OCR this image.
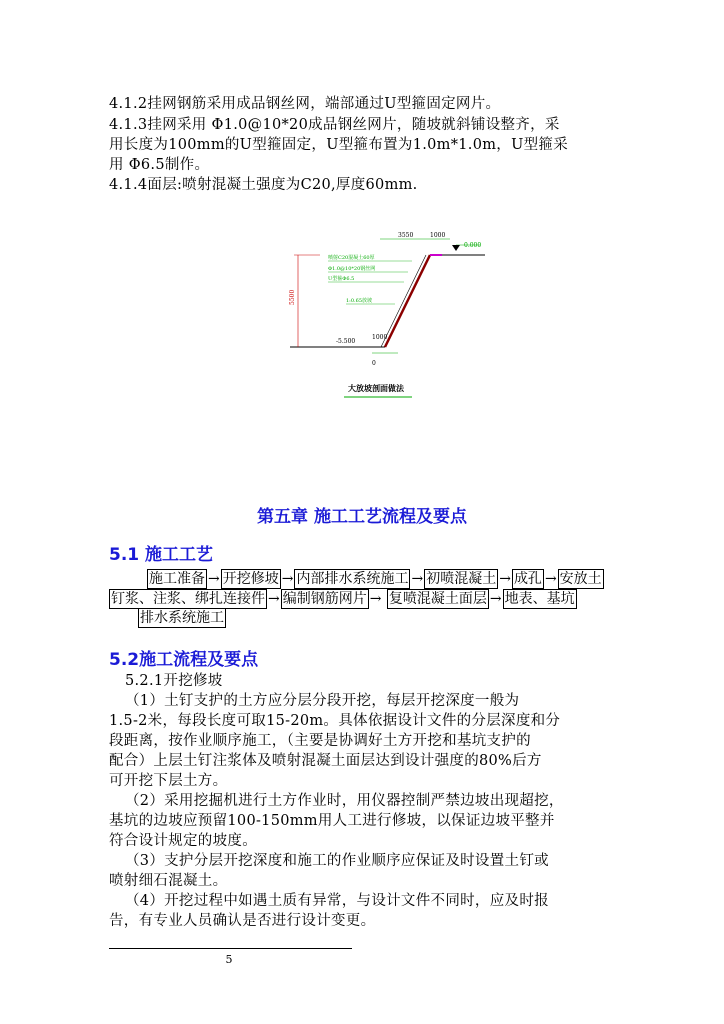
4.1.2挂网钢筋采用成品钢丝网，端部通过U型箍固定网片。
4.1.3挂网采用 Φ1.0@10*20成品钢丝网片，随坡就斜铺设整齐，采
用长度为100mm的U型箍固定，U型箍布置为1.0m*1.0m，U型箍采
用 Φ6.5制作。
4.1.4面层:喷射混凝土强度为C20,厚度60mm.
5500
3550	1000
0.000
喷射C20混凝土60厚
Φ1.0@10*20钢丝网
U型箍Φ6.5
1:0.65放坡
-5.500
1000
0
大放坡剖面做法
第五章 施工工艺流程及要点
5.1 施工工艺
施工准备 → 开挖修坡 → 内部排水系统施工 → 初喷混凝土 → 成孔 → 安放土
钉浆、注浆、绑扎连接件 → 编制钢筋网片 → 复喷混凝土面层 → 地表、基坑
排水系统施工
5.2施工流程及要点
5.2.1开挖修坡
（1）土钉支护的土方应分层分段开挖，每层开挖深度一般为
1.5-2米，每段长度可取15-20m。具体依据设计文件的分层深度和分
段距离，按作业顺序施工，（主要是协调好土方开挖和基坑支护的
配合）上层土钉注浆体及喷射混凝土面层达到设计强度的80%后方
可开挖下层土方。
（2）采用挖掘机进行土方作业时，用仪器控制严禁边坡出现超挖，
基坑的边坡应预留100-150mm用人工进行修坡，以保证边坡平整并
符合设计规定的坡度。
（3）支护分层开挖深度和施工的作业顺序应保证及时设置土钉或
喷射细石混凝土。
（4）开挖过程中如遇土质有异常，与设计文件不同时，应及时报
告，有专业人员确认是否进行设计变更。
5
